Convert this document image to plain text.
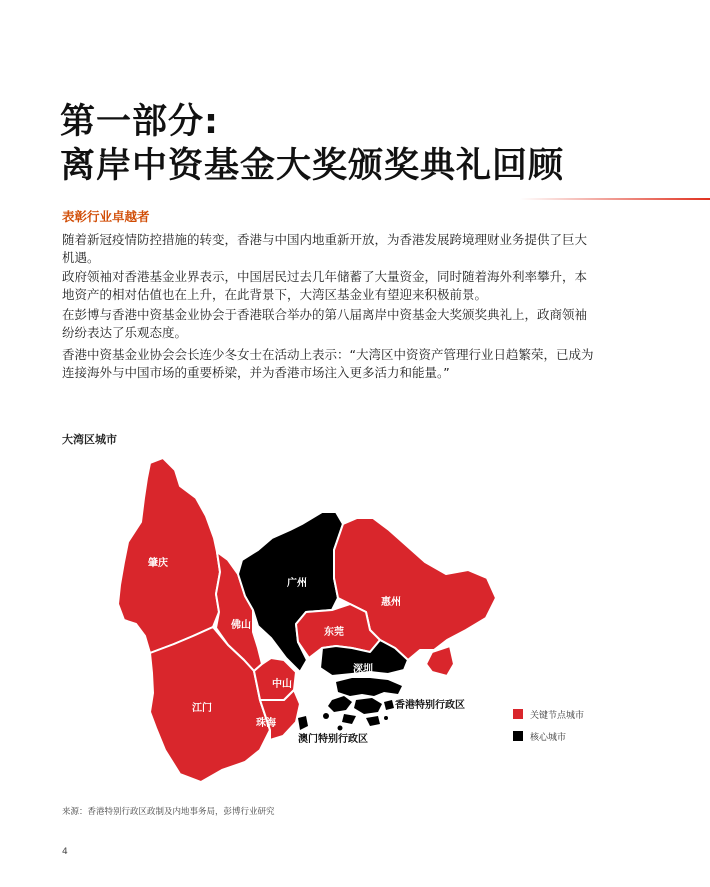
第一部分:
离岸中资基金大奖颁奖典礼回顾

表彰行业卓越者

随着新冠疫情防控措施的转变，香港与中国内地重新开放，为香港发展跨境理财业务提供了巨大机遇。

政府领袖对香港基金业界表示，中国居民过去几年储蓄了大量资金，同时随着海外利率攀升，本地资产的相对估值也在上升，在此背景下，大湾区基金业有望迎来积极前景。

在彭博与香港中资基金业协会于香港联合举办的第八届离岸中资基金大奖颁奖典礼上，政商领袖纷纷表达了乐观态度。

香港中资基金业协会会长连少冬女士在活动上表示：“大湾区中资资产管理行业日趋繁荣，已成为连接海外与中国市场的重要桥梁，并为香港市场注入更多活力和能量。”

大湾区城市

肇庆
广州
惠州
佛山
东莞
深圳
江门
中山
珠海
香港特别行政区
澳门特别行政区
关键节点城市
核心城市

来源：香港特别行政区政制及内地事务局，彭博行业研究

4
